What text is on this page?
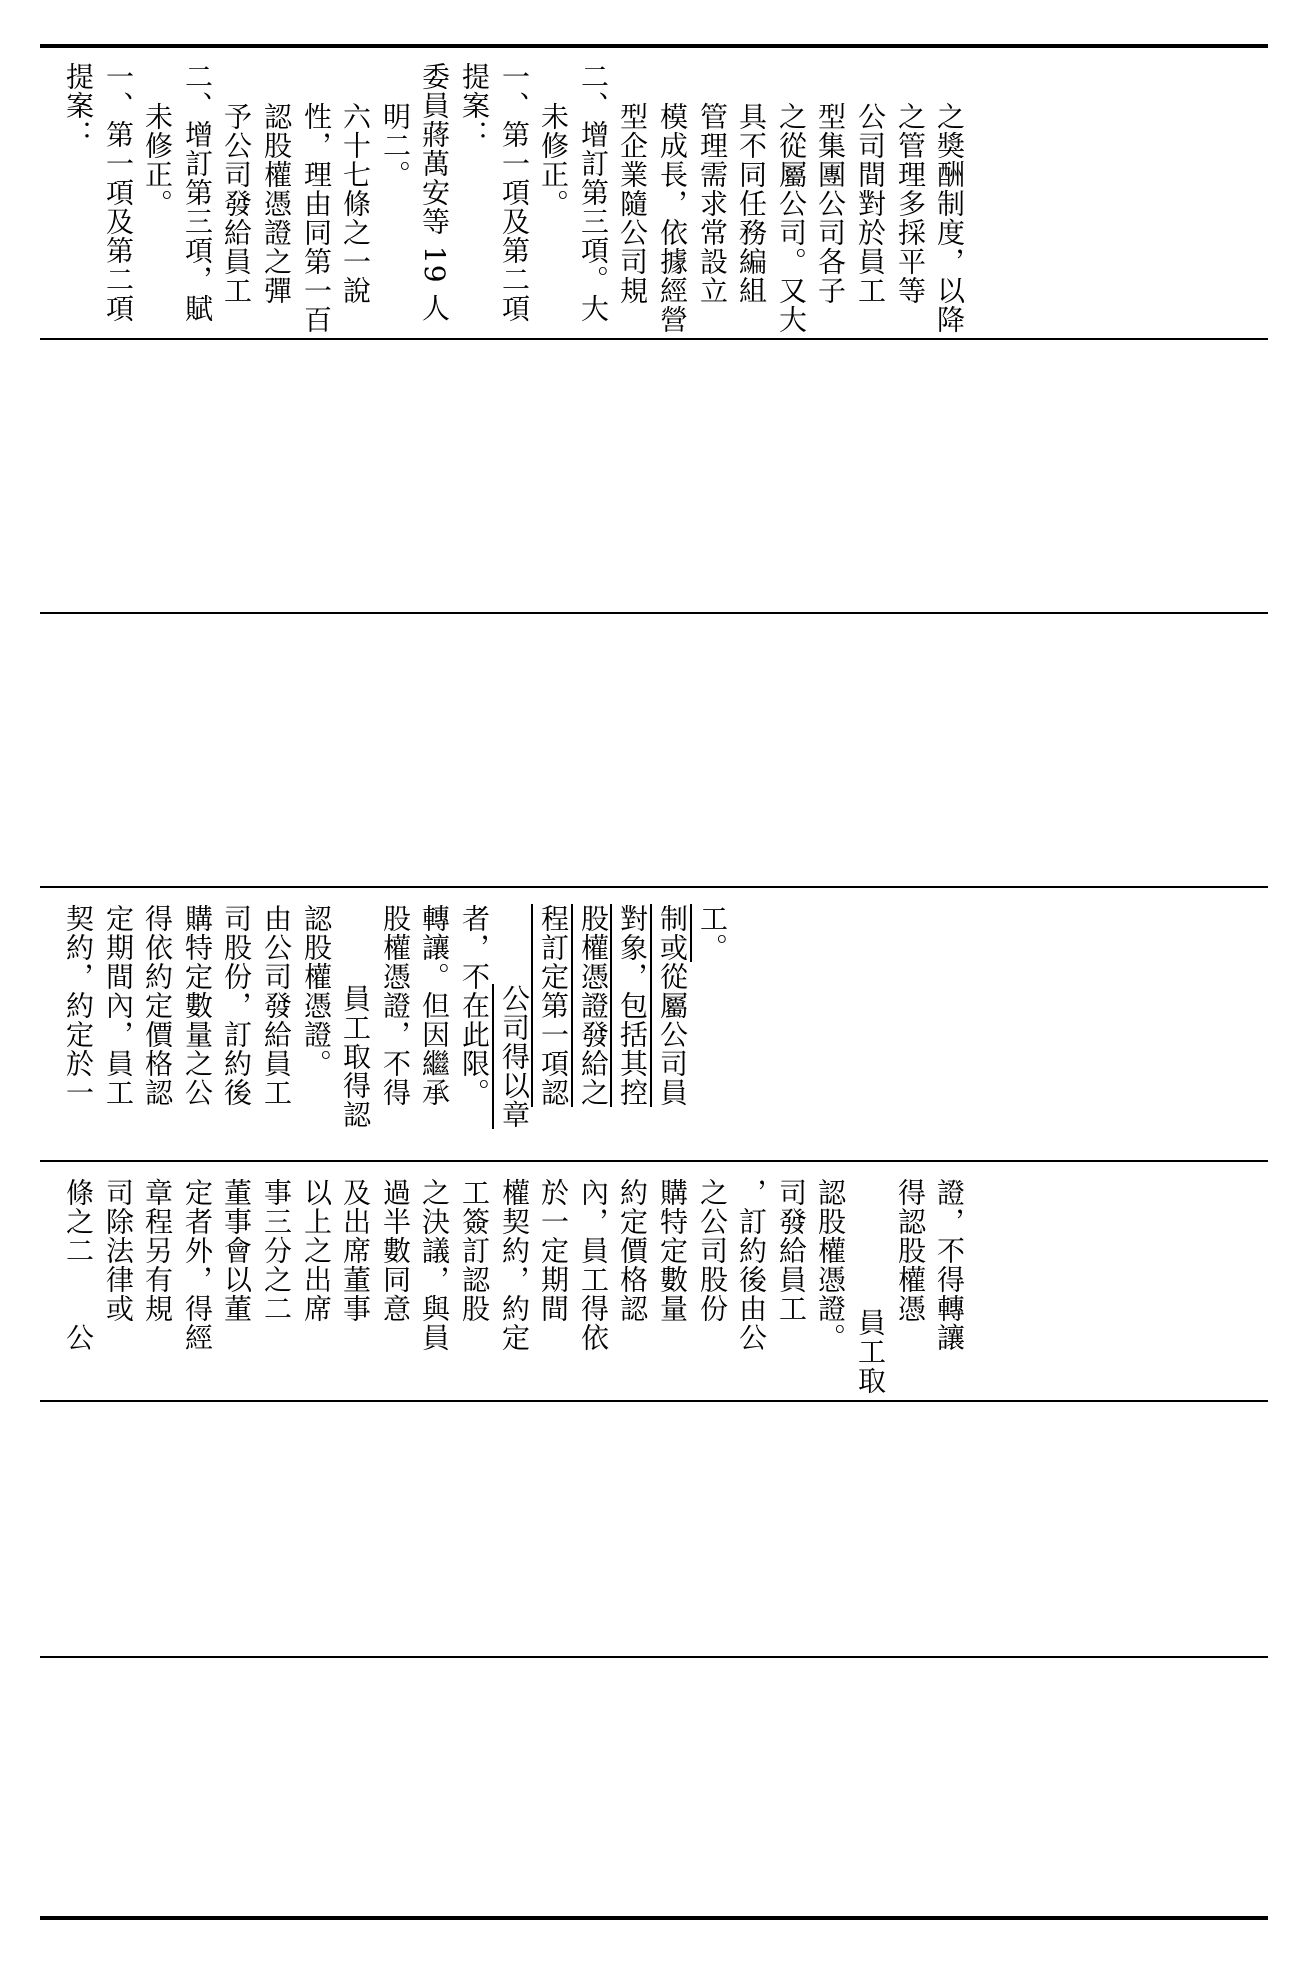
提案： 一、第一項及第二項 未修正。 二、增訂第三項，賦 予公司發給員工 認股權憑證之彈 性，理由同第一百 六十七條之一說 明二。 委員蔣萬安等 19 人 提案： 一、第一項及第二項 未修正。 二、增訂第三項。大 型企業隨公司規 模成長，依據經營 管理需求常設立 具不同任務編組 之從屬公司。又大 型集團公司各子 公司間對於員工 之管理多採平等 之獎酬制度，以降
契約，約定於一 定期間內，員工 得依約定價格認 購特定數量之公 司股份，訂約後 由公司發給員工 認股權憑證。 員工取得認 股權憑證，不得 轉讓。但因繼承 者，不在此限。 公司得以章 程訂定第一項認 股權憑證發給之 對象，包括其控 制或從屬公司員 工。
條之二　　公 司除法律或 章程另有規 定者外，得經 董事會以董 事三分之二 以上之出席 及出席董事 過半數同意 之決議，與員 工簽訂認股 權契約，約定 於一定期間 內，員工得依 約定價格認 購特定數量 之公司股份 ，訂約後由公 司發給員工 認股權憑證。 員工取
得認股權憑 證，不得轉讓
